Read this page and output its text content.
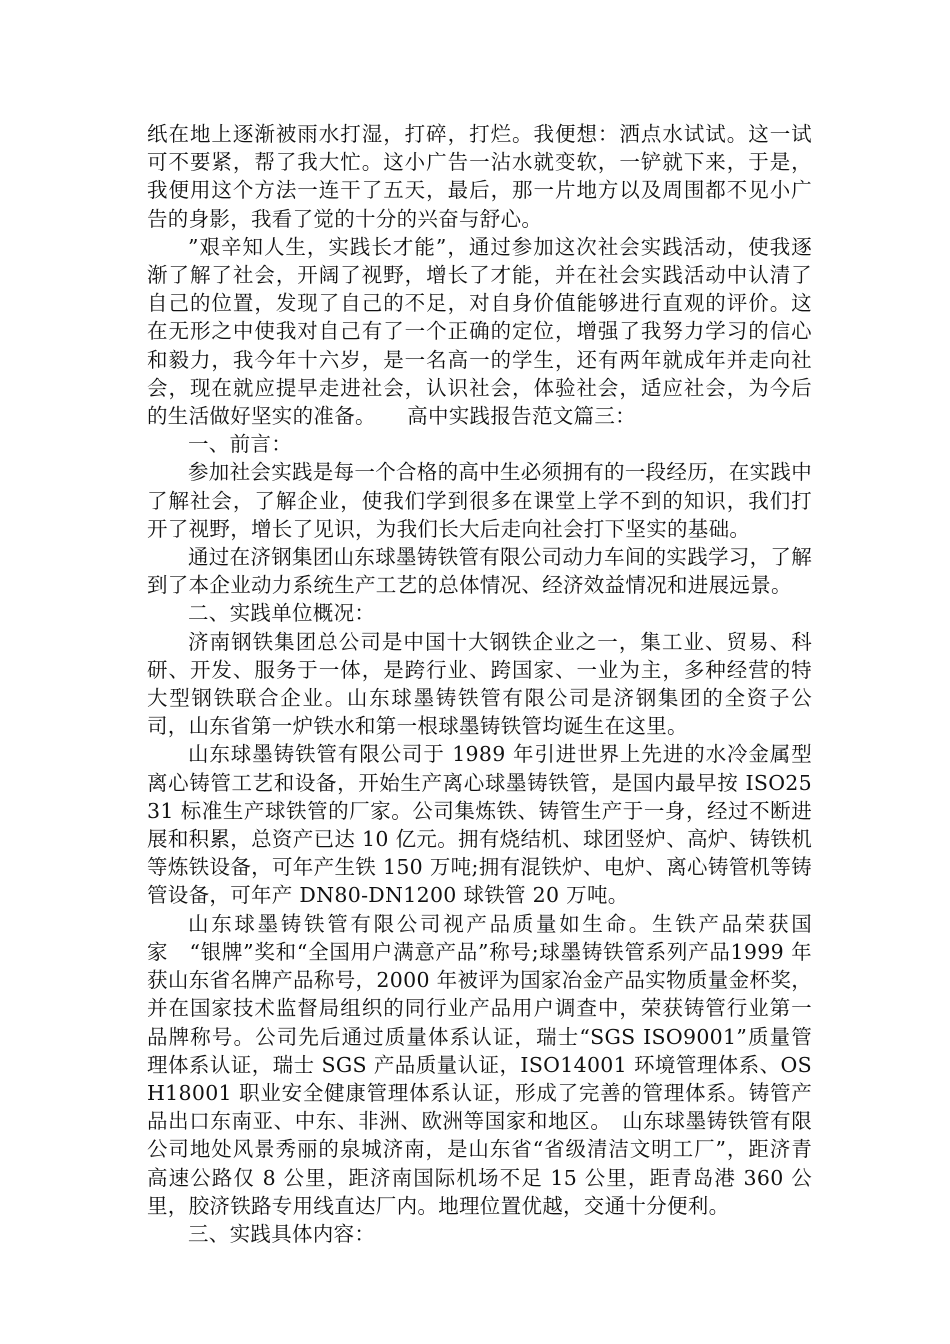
纸在地上逐渐被雨水打湿，打碎，打烂。我便想：洒点水试试。这一试可不要紧，帮了我大忙。这小广告一沾水就变软，一铲就下来，于是，我便用这个方法一连干了五天，最后，那一片地方以及周围都不见小广告的身影，我看了觉的十分的兴奋与舒心。

”艰辛知人生，实践长才能”，通过参加这次社会实践活动，使我逐渐了解了社会，开阔了视野，增长了才能，并在社会实践活动中认清了自己的位置，发现了自己的不足，对自身价值能够进行直观的评价。这在无形之中使我对自己有了一个正确的定位，增强了我努力学习的信心和毅力，我今年十六岁，是一名高一的学生，还有两年就成年并走向社会，现在就应提早走进社会，认识社会，体验社会，适应社会，为今后的生活做好坚实的准备。　　高中实践报告范文篇三：

一、前言：

参加社会实践是每一个合格的高中生必须拥有的一段经历，在实践中了解社会，了解企业，使我们学到很多在课堂上学不到的知识，我们打开了视野，增长了见识，为我们长大后走向社会打下坚实的基础。

通过在济钢集团山东球墨铸铁管有限公司动力车间的实践学习，了解到了本企业动力系统生产工艺的总体情况、经济效益情况和进展远景。

二、实践单位概况：

济南钢铁集团总公司是中国十大钢铁企业之一，集工业、贸易、科研、开发、服务于一体，是跨行业、跨国家、一业为主，多种经营的特大型钢铁联合企业。山东球墨铸铁管有限公司是济钢集团的全资子公司，山东省第一炉铁水和第一根球墨铸铁管均诞生在这里。

山东球墨铸铁管有限公司于 1989 年引进世界上先进的水冷金属型离心铸管工艺和设备，开始生产离心球墨铸铁管，是国内最早按 ISO2531 标准生产球铁管的厂家。公司集炼铁、铸管生产于一身，经过不断进展和积累，总资产已达 10 亿元。拥有烧结机、球团竖炉、高炉、铸铁机等炼铁设备，可年产生铁 150 万吨;拥有混铁炉、电炉、离心铸管机等铸管设备，可年产 DN80-DN1200 球铁管 20 万吨。

山东球墨铸铁管有限公司视产品质量如生命。生铁产品荣获国家　“银牌”奖和“全国用户满意产品”称号;球墨铸铁管系列产品1999 年获山东省名牌产品称号，2000 年被评为国家冶金产品实物质量金杯奖，并在国家技术监督局组织的同行业产品用户调查中，荣获铸管行业第一品牌称号。公司先后通过质量体系认证，瑞士“SGS ISO9001”质量管理体系认证，瑞士 SGS 产品质量认证，ISO14001 环境管理体系、OSH18001 职业安全健康管理体系认证，形成了完善的管理体系。铸管产品出口东南亚、中东、非洲、欧洲等国家和地区。　山东球墨铸铁管有限公司地处风景秀丽的泉城济南，是山东省“省级清洁文明工厂”，距济青高速公路仅 8 公里，距济南国际机场不足 15 公里，距青岛港 360 公里，胶济铁路专用线直达厂内。地理位置优越，交通十分便利。

三、实践具体内容：
